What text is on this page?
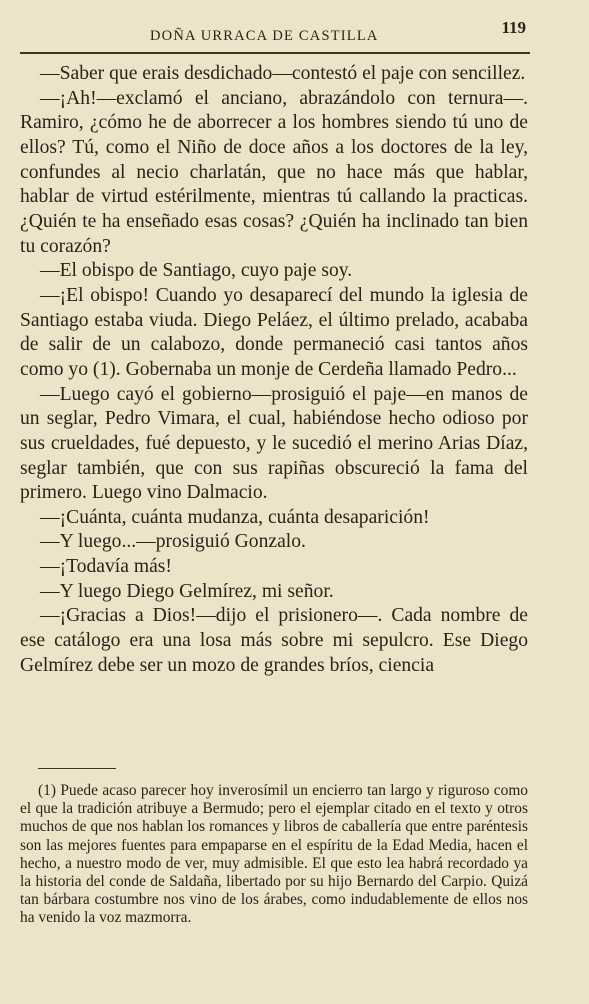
DOÑA URRACA DE CASTILLA	119

—Saber que erais desdichado—contestó el paje con sencillez.

—¡Ah!—exclamó el anciano, abrazándolo con ternura—. Ramiro, ¿cómo he de aborrecer a los hombres siendo tú uno de ellos? Tú, como el Niño de doce años a los doctores de la ley, confundes al necio charlatán, que no hace más que hablar, hablar de virtud estérilmente, mientras tú callando la practicas. ¿Quién te ha enseñado esas cosas? ¿Quién ha inclinado tan bien tu corazón?

—El obispo de Santiago, cuyo paje soy.

—¡El obispo! Cuando yo desaparecí del mundo la iglesia de Santiago estaba viuda. Diego Peláez, el último prelado, acababa de salir de un calabozo, donde permaneció casi tantos años como yo (1). Gobernaba un monje de Cerdeña llamado Pedro...

—Luego cayó el gobierno—prosiguió el paje—en manos de un seglar, Pedro Vimara, el cual, habiéndose hecho odioso por sus crueldades, fué depuesto, y le sucedió el merino Arias Díaz, seglar también, que con sus rapiñas obscureció la fama del primero. Luego vino Dalmacio.

—¡Cuánta, cuánta mudanza, cuánta desaparición!

—Y luego...—prosiguió Gonzalo.

—¡Todavía más!

—Y luego Diego Gelmírez, mi señor.

—¡Gracias a Dios!—dijo el prisionero—. Cada nombre de ese catálogo era una losa más sobre mi sepulcro. Ese Diego Gelmírez debe ser un mozo de grandes bríos, ciencia

(1) Puede acaso parecer hoy inverosímil un encierro tan largo y riguroso como el que la tradición atribuye a Bermudo; pero el ejemplar citado en el texto y otros muchos de que nos hablan los romances y libros de caballería que entre paréntesis son las mejores fuentes para empaparse en el espíritu de la Edad Media, hacen el hecho, a nuestro modo de ver, muy admisible. El que esto lea habrá recordado ya la historia del conde de Saldaña, libertado por su hijo Bernardo del Carpio. Quizá tan bárbara costumbre nos vino de los árabes, como indudablemente de ellos nos ha venido la voz mazmorra.
